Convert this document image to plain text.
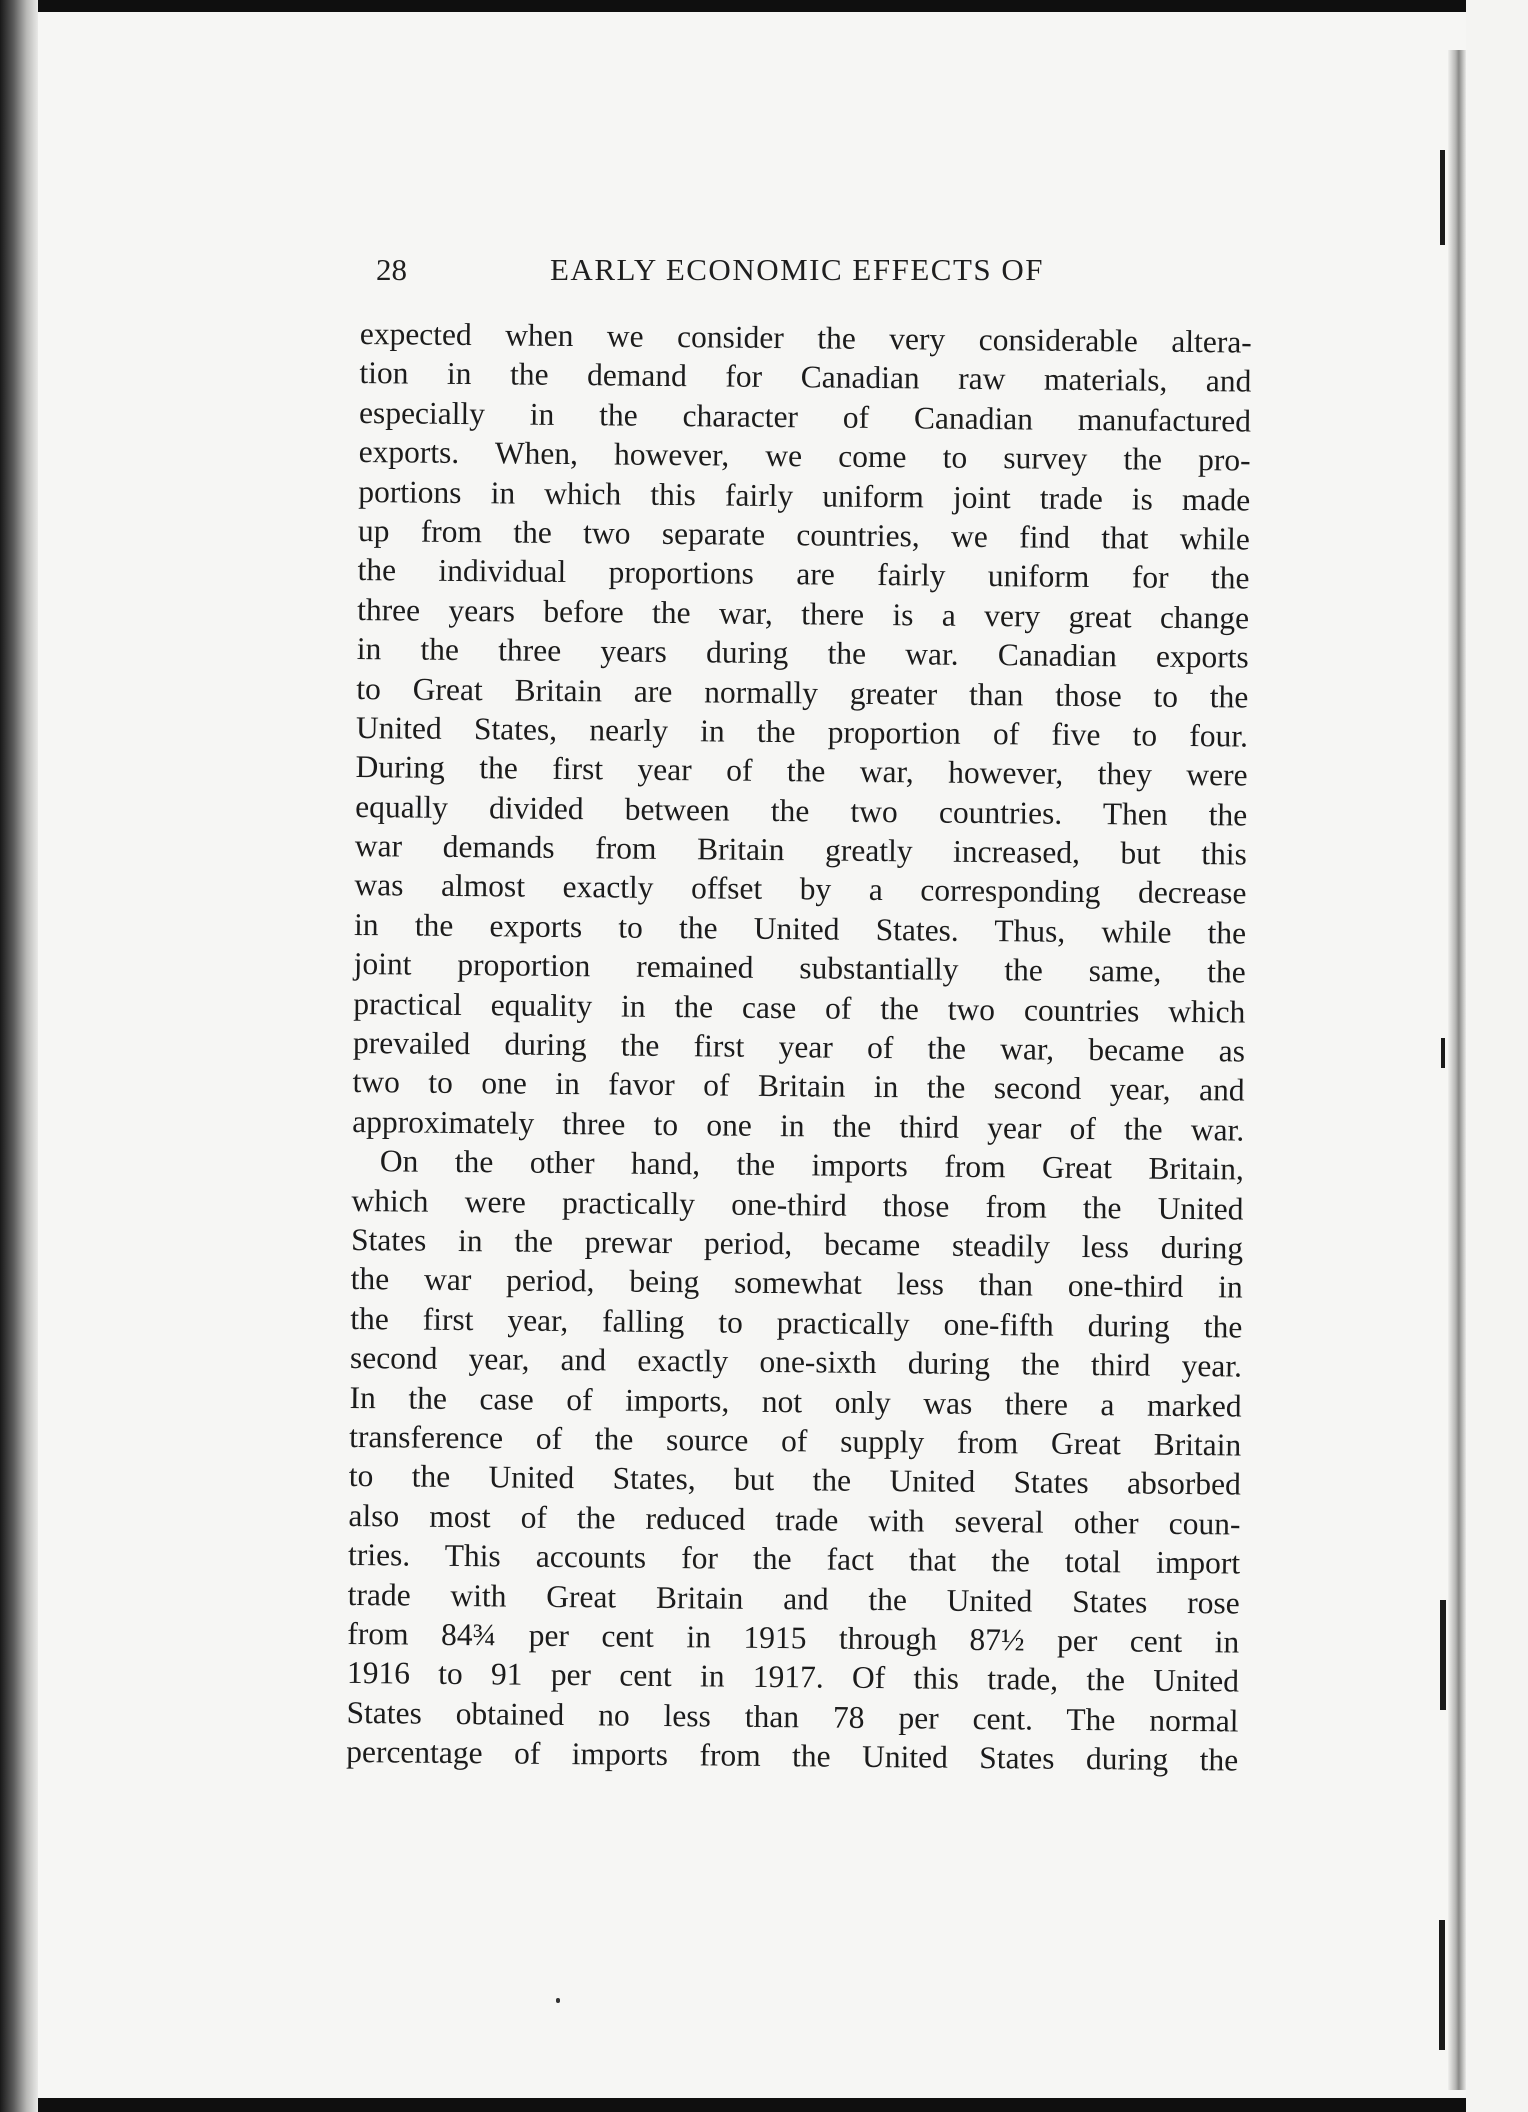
28	EARLY ECONOMIC EFFECTS OF
expected when we consider the very considerable altera-
tion in the demand for Canadian raw materials, and
especially in the character of Canadian manufactured
exports. When, however, we come to survey the pro-
portions in which this fairly uniform joint trade is made
up from the two separate countries, we find that while
the individual proportions are fairly uniform for the
three years before the war, there is a very great change
in the three years during the war. Canadian exports
to Great Britain are normally greater than those to the
United States, nearly in the proportion of five to four.
During the first year of the war, however, they were
equally divided between the two countries. Then the
war demands from Britain greatly increased, but this
was almost exactly offset by a corresponding decrease
in the exports to the United States. Thus, while the
joint proportion remained substantially the same, the
practical equality in the case of the two countries which
prevailed during the first year of the war, became as
two to one in favor of Britain in the second year, and
approximately three to one in the third year of the war.
On the other hand, the imports from Great Britain,
which were practically one-third those from the United
States in the prewar period, became steadily less during
the war period, being somewhat less than one-third in
the first year, falling to practically one-fifth during the
second year, and exactly one-sixth during the third year.
In the case of imports, not only was there a marked
transference of the source of supply from Great Britain
to the United States, but the United States absorbed
also most of the reduced trade with several other coun-
tries. This accounts for the fact that the total import
trade with Great Britain and the United States rose
from 84¾ per cent in 1915 through 87½ per cent in
1916 to 91 per cent in 1917. Of this trade, the United
States obtained no less than 78 per cent. The normal
percentage of imports from the United States during the
